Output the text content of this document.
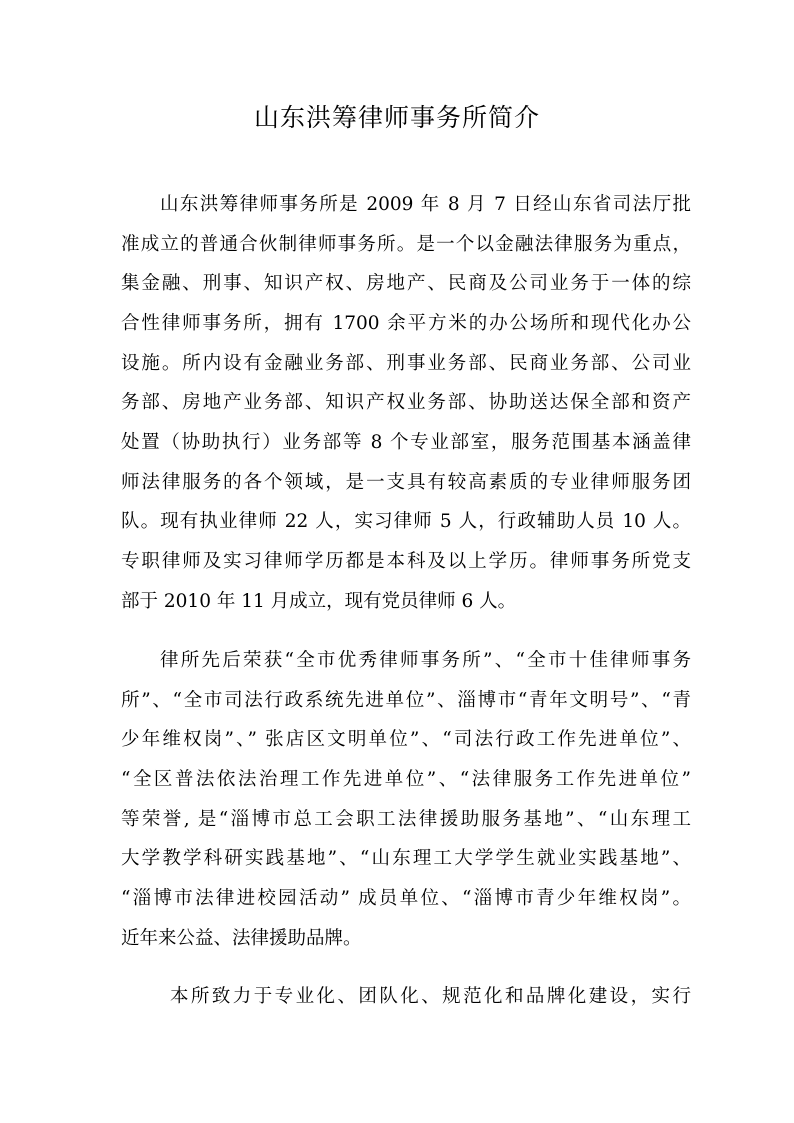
山东洪筹律师事务所简介

山东洪筹律师事务所是 2009 年 8 月 7 日经山东省司法厅批

准成立的普通合伙制律师事务所。是一个以金融法律服务为重点，

集金融、刑事、知识产权、房地产、民商及公司业务于一体的综

合性律师事务所，拥有 1700 余平方米的办公场所和现代化办公

设施。所内设有金融业务部、刑事业务部、民商业务部、公司业

务部、房地产业务部、知识产权业务部、协助送达保全部和资产

处置（协助执行）业务部等 8 个专业部室，服务范围基本涵盖律

师法律服务的各个领域，是一支具有较高素质的专业律师服务团

队。现有执业律师 22 人，实习律师 5 人，行政辅助人员 10 人。

专职律师及实习律师学历都是本科及以上学历。律师事务所党支

部于 2010 年 11 月成立，现有党员律师 6 人。

律所先后荣获“全市优秀律师事务所”、“全市十佳律师事务

所”、“全市司法行政系统先进单位”、淄博市“青年文明号”、“青

少年维权岗”、” 张店区文明单位”、“司法行政工作先进单位”、

“全区普法依法治理工作先进单位”、“法律服务工作先进单位”

等荣誉, 是“淄博市总工会职工法律援助服务基地”、“山东理工

大学教学科研实践基地”、“山东理工大学学生就业实践基地”、

“淄博市法律进校园活动” 成员单位、“淄博市青少年维权岗”。

近年来公益、法律援助品牌。

本所致力于专业化、团队化、规范化和品牌化建设，实行
